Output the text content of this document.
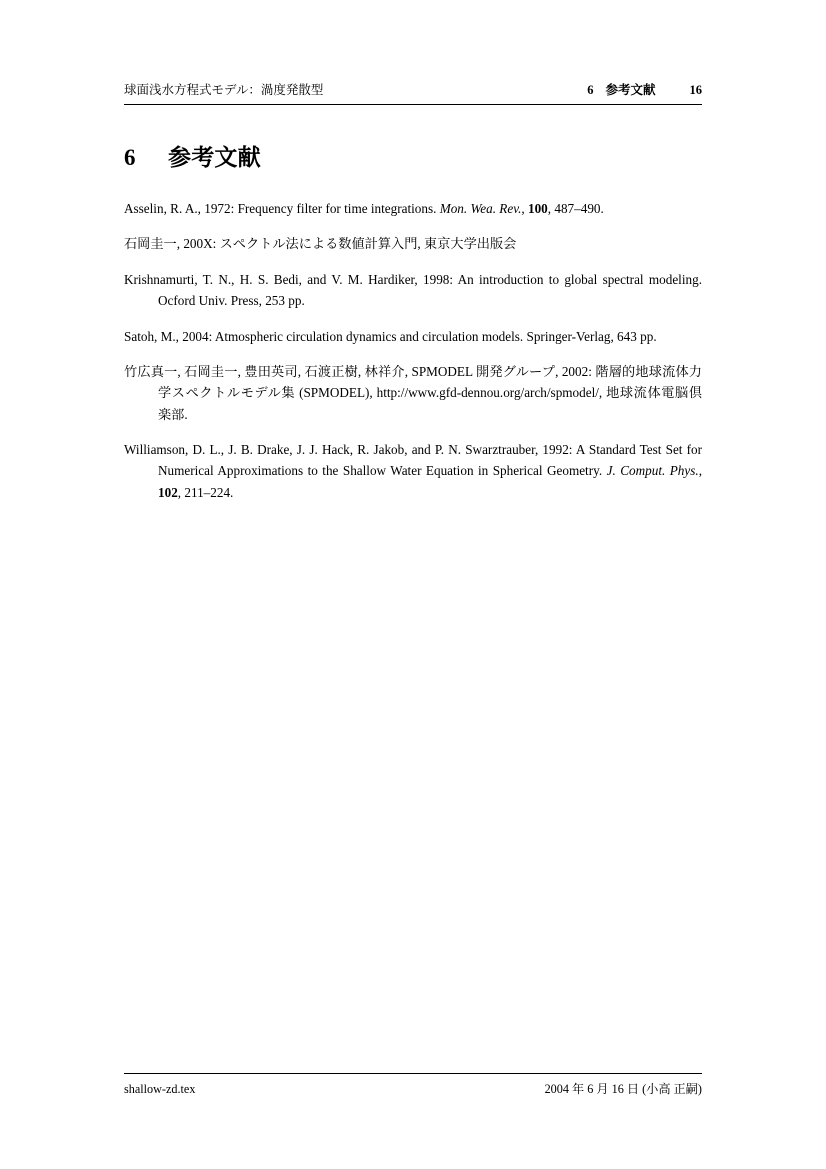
球面浅水方程式モデル：渦度発散型	6 参考文献	16
6 参考文献

Asselin, R. A., 1972: Frequency filter for time integrations. Mon. Wea. Rev., 100, 487–490.

石岡圭一, 200X: スペクトル法による数値計算入門, 東京大学出版会

Krishnamurti, T. N., H. S. Bedi, and V. M. Hardiker, 1998: An introduction to global spectral modeling. Ocford Univ. Press, 253 pp.

Satoh, M., 2004: Atmospheric circulation dynamics and circulation models. Springer-Verlag, 643 pp.

竹広真一, 石岡圭一, 豊田英司, 石渡正樹, 林祥介, SPMODEL 開発グループ, 2002: 階層的地球流体力学スペクトルモデル集 (SPMODEL), http://www.gfd-dennou.org/arch/spmodel/, 地球流体電脳倶楽部.

Williamson, D. L., J. B. Drake, J. J. Hack, R. Jakob, and P. N. Swarztrauber, 1992: A Standard Test Set for Numerical Approximations to the Shallow Water Equation in Spherical Geometry. J. Comput. Phys., 102, 211–224.

shallow-zd.tex	2004 年 6 月 16 日 (小高 正嗣)
